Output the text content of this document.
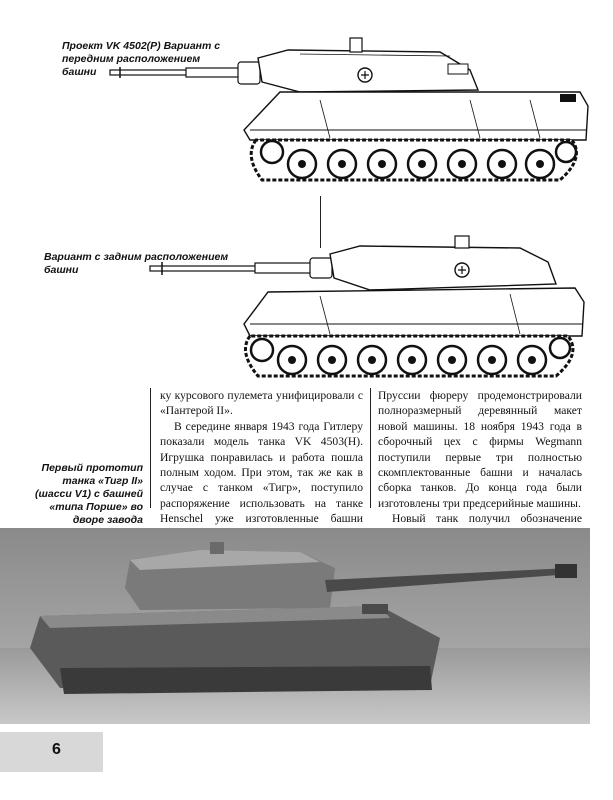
Проект VK 4502(Р) Вариант с передним расположением башни
Вариант с задним расположением башни
Первый прототип танка «Тигр II» (шасси V1) с башней «типа Порше» во дворе завода

ку курсового пулемета унифицировали с «Пантерой II».

В середине января 1943 года Гитлеру показали модель танка VK 4503(Н). Игрушка понравилась и работа пошла полным ходом. При этом, так же как в случае с танком «Тигр», поступило распоряжение использовать на танке Henschel уже изготовленные башни

Пруссии фюреру продемонстрировали полноразмерный деревянный макет новой машины. 18 ноября 1943 года в сборочный цех с фирмы Wegmann поступили первые три полностью скомплектованные башни и началась сборка танков. До конца года были изготовлены три предсерийные машины.

Новый танк получил обозначение

6
